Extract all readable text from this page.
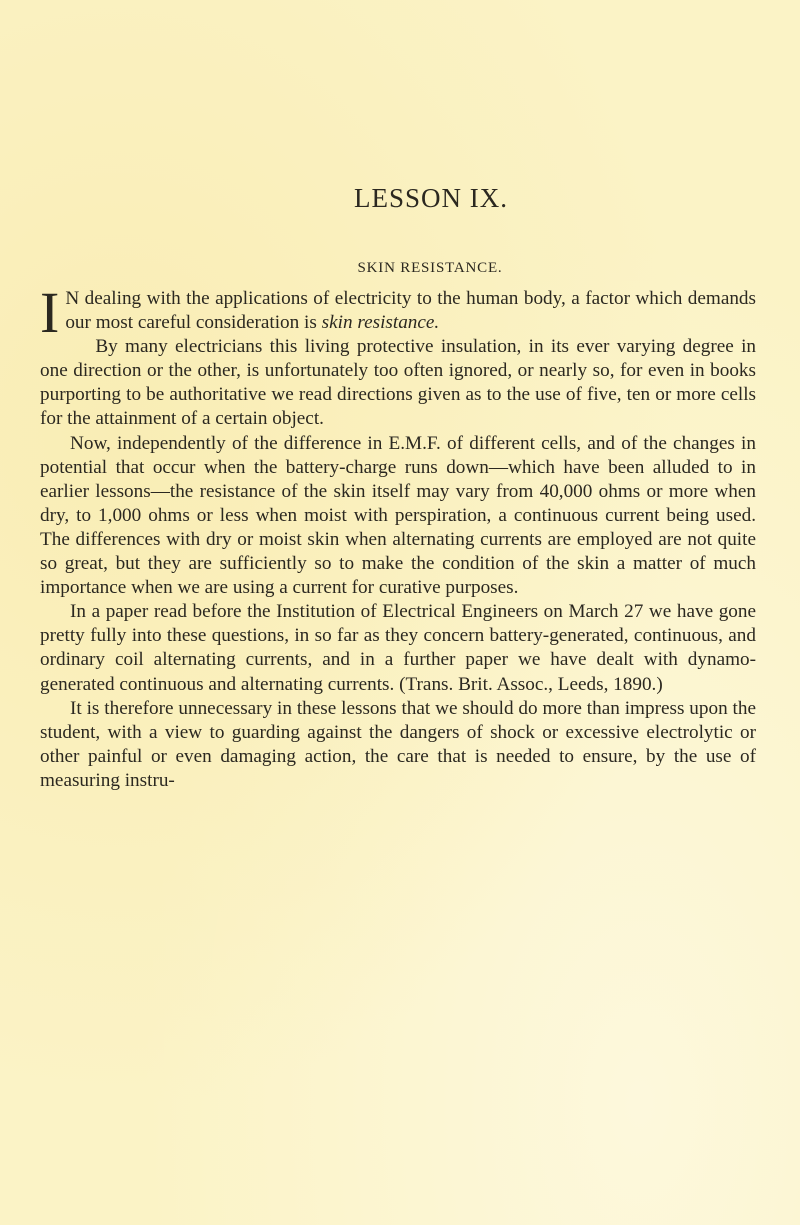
LESSON IX.
SKIN RESISTANCE.

I N dealing with the applications of electricity to the human body, a factor which demands our most careful consideration is skin resistance.

By many electricians this living protective insulation, in its ever varying degree in one direction or the other, is unfortunately too often ignored, or nearly so, for even in books purporting to be authoritative we read directions given as to the use of five, ten or more cells for the attainment of a certain object.

Now, independently of the difference in E.M.F. of different cells, and of the changes in potential that occur when the battery-charge runs down—which have been alluded to in earlier lessons—the resistance of the skin itself may vary from 40,000 ohms or more when dry, to 1,000 ohms or less when moist with perspiration, a continuous current being used. The differences with dry or moist skin when alternating currents are employed are not quite so great, but they are sufficiently so to make the condition of the skin a matter of much importance when we are using a current for curative purposes.

In a paper read before the Institution of Electrical Engineers on March 27 we have gone pretty fully into these questions, in so far as they concern battery-generated, continuous, and ordinary coil alternating currents, and in a further paper we have dealt with dynamo-generated continuous and alternating currents. (Trans. Brit. Assoc., Leeds, 1890.)

It is therefore unnecessary in these lessons that we should do more than impress upon the student, with a view to guarding against the dangers of shock or excessive electrolytic or other painful or even damaging action, the care that is needed to ensure, by the use of measuring instru-
